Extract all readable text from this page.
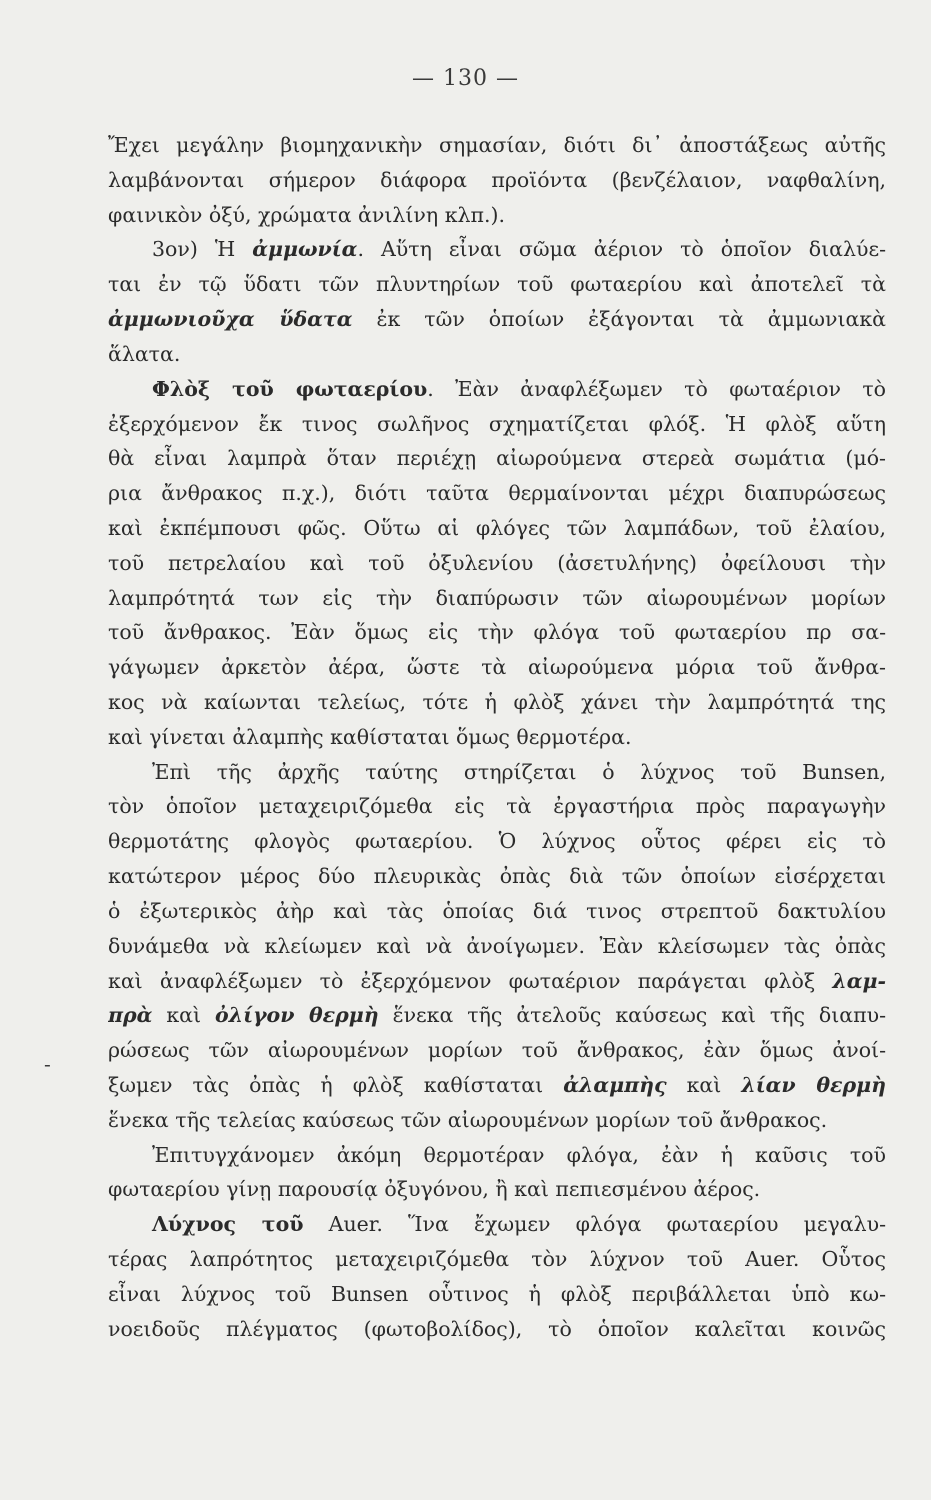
— 130 —
Ἔχει μεγάλην βιομηχανικὴν σημασίαν, διότι δι᾽ ἀποστάξεως αὐτῆς
λαμβάνονται σήμερον διάφορα προϊόντα (βενζέλαιον, ναφθαλίνη,
φαινικὸν ὀξύ, χρώματα ἀνιλίνη κλπ.).
3ον) Ἡ ἀμμωνία. Αὕτη εἶναι σῶμα ἀέριον τὸ ὁποῖον διαλύε-
ται ἐν τῷ ὕδατι τῶν πλυντηρίων τοῦ φωταερίου καὶ ἀποτελεῖ τὰ
ἀμμωνιοῦχα ὕδατα ἐκ τῶν ὁποίων ἐξάγονται τὰ ἀμμωνιακὰ
ἅλατα.
Φλὸξ τοῦ φωταερίου. Ἐὰν ἀναφλέξωμεν τὸ φωταέριον τὸ
ἐξερχόμενον ἔκ τινος σωλῆνος σχηματίζεται φλόξ. Ἡ φλὸξ αὕτη
θὰ εἶναι λαμπρὰ ὅταν περιέχῃ αἰωρούμενα στερεὰ σωμάτια (μό-
ρια ἄνθρακος π.χ.), διότι ταῦτα θερμαίνονται μέχρι διαπυρώσεως
καὶ ἐκπέμπουσι φῶς. Οὕτω αἱ φλόγες τῶν λαμπάδων, τοῦ ἐλαίου,
τοῦ πετρελαίου καὶ τοῦ ὀξυλενίου (ἀσετυλήνης) ὀφείλουσι τὴν
λαμπρότητά των εἰς τὴν διαπύρωσιν τῶν αἰωρουμένων μορίων
τοῦ ἄνθρακος. Ἐὰν ὅμως εἰς τὴν φλόγα τοῦ φωταερίου πρ σα-
γάγωμεν ἀρκετὸν ἀέρα, ὥστε τὰ αἰωρούμενα μόρια τοῦ ἄνθρα-
κος νὰ καίωνται τελείως, τότε ἡ φλὸξ χάνει τὴν λαμπρότητά της
καὶ γίνεται ἀλαμπὴς καθίσταται ὅμως θερμοτέρα.
Ἐπὶ τῆς ἀρχῆς ταύτης στηρίζεται ὁ λύχνος τοῦ Bunsen,
τὸν ὁποῖον μεταχειριζόμεθα εἰς τὰ ἐργαστήρια πρὸς παραγωγὴν
θερμοτάτης φλογὸς φωταερίου. Ὁ λύχνος οὗτος φέρει εἰς τὸ
κατώτερον μέρος δύο πλευρικὰς ὀπὰς διὰ τῶν ὁποίων εἰσέρχεται
ὁ ἐξωτερικὸς ἀὴρ καὶ τὰς ὁποίας διά τινος στρεπτοῦ δακτυλίου
δυνάμεθα νὰ κλείωμεν καὶ νὰ ἀνοίγωμεν. Ἐὰν κλείσωμεν τὰς ὀπὰς
καὶ ἀναφλέξωμεν τὸ ἐξερχόμενον φωταέριον παράγεται φλὸξ λαμ-
πρὰ καὶ ὀλίγον θερμὴ ἕνεκα τῆς ἀτελοῦς καύσεως καὶ τῆς διαπυ-
ρώσεως τῶν αἰωρουμένων μορίων τοῦ ἄνθρακος, ἐὰν ὅμως ἀνοί-
ξωμεν τὰς ὀπὰς ἡ φλὸξ καθίσταται ἀλαμπὴς καὶ λίαν θερμὴ
ἕνεκα τῆς τελείας καύσεως τῶν αἰωρουμένων μορίων τοῦ ἄνθρακος.
Ἐπιτυγχάνομεν ἀκόμη θερμοτέραν φλόγα, ἐὰν ἡ καῦσις τοῦ
φωταερίου γίνῃ παρουσίᾳ ὀξυγόνου, ἢ καὶ πεπιεσμένου ἀέρος.
Λύχνος τοῦ Auer. Ἵνα ἔχωμεν φλόγα φωταερίου μεγαλυ-
τέρας λαπρότητος μεταχειριζόμεθα τὸν λύχνον τοῦ Auer. Οὗτος
εἶναι λύχνος τοῦ Bunsen οὗτινος ἡ φλὸξ περιβάλλεται ὑπὸ κω-
νοειδοῦς πλέγματος (φωτοβολίδος), τὸ ὁποῖον καλεῖται κοινῶς
-
